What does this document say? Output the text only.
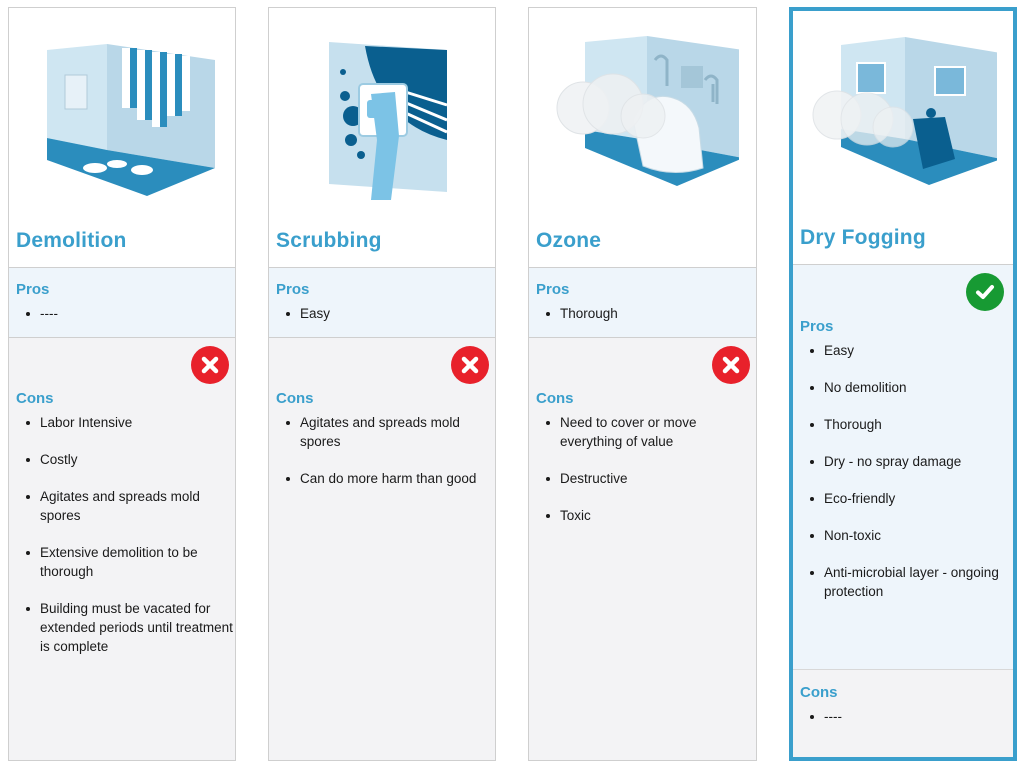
Demolition
Pros
----
Cons
Labor Intensive
Costly
Agitates and spreads mold spores
Extensive demolition to be thorough
Building must be vacated for extended periods until treatment is complete
Scrubbing
Pros
Easy
Cons
Agitates and spreads mold spores
Can do more harm than good
Ozone
Pros
Thorough
Cons
Need to cover or move everything of value
Destructive
Toxic
Dry Fogging
Pros
Easy
No demolition
Thorough
Dry - no spray damage
Eco-friendly
Non-toxic
Anti-microbial layer - ongoing protection
Cons
----
